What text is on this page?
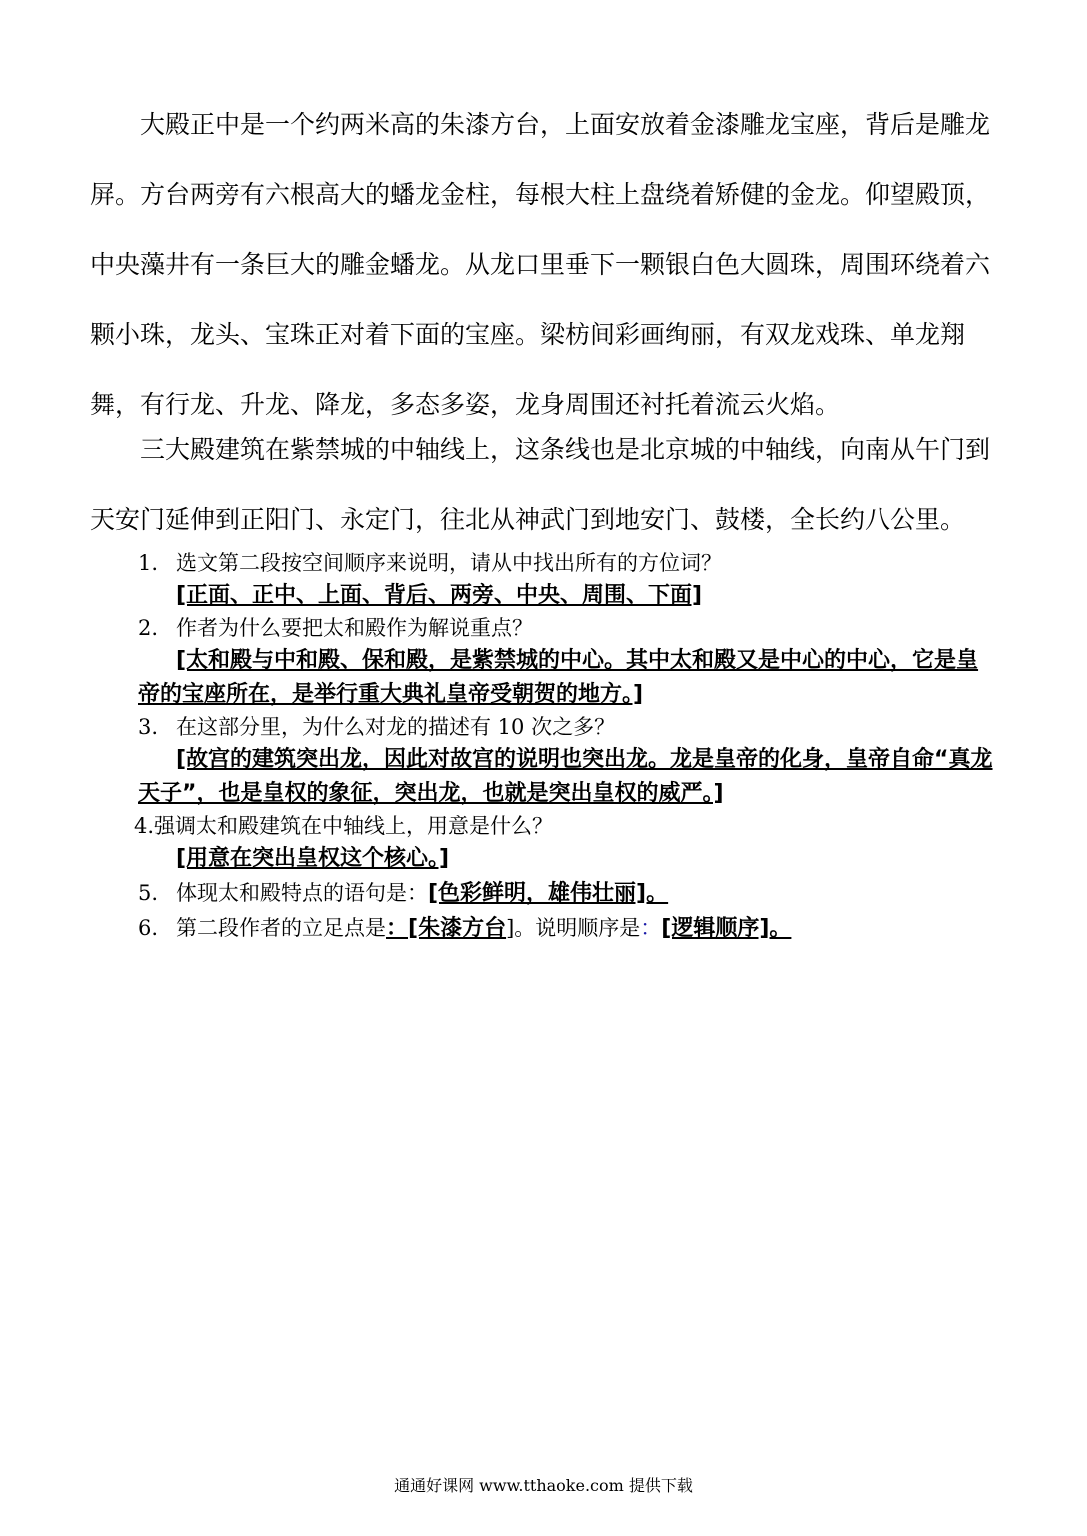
大殿正中是一个约两米高的朱漆方台，上面安放着金漆雕龙宝座，背后是雕龙屏。方台两旁有六根高大的蟠龙金柱，每根大柱上盘绕着矫健的金龙。仰望殿顶，中央藻井有一条巨大的雕金蟠龙。从龙口里垂下一颗银白色大圆珠，周围环绕着六颗小珠，龙头、宝珠正对着下面的宝座。梁枋间彩画绚丽，有双龙戏珠、单龙翔舞，有行龙、升龙、降龙，多态多姿，龙身周围还衬托着流云火焰。

三大殿建筑在紫禁城的中轴线上，这条线也是北京城的中轴线，向南从午门到天安门延伸到正阳门、永定门，往北从神武门到地安门、鼓楼，全长约八公里。

1. 选文第二段按空间顺序来说明，请从中找出所有的方位词？

[正面、正中、上面、背后、两旁、中央、周围、下面]

2. 作者为什么要把太和殿作为解说重点？

[太和殿与中和殿、保和殿，是紫禁城的中心。其中太和殿又是中心的中心，它是皇帝的宝座所在，是举行重大典礼皇帝受朝贺的地方。]

3. 在这部分里，为什么对龙的描述有 10 次之多？

[故宫的建筑突出龙，因此对故宫的说明也突出龙。龙是皇帝的化身，皇帝自命“真龙天子”，也是皇权的象征，突出龙，也就是突出皇权的威严。]

4.强调太和殿建筑在中轴线上，用意是什么？

[用意在突出皇权这个核心。]

5. 体现太和殿特点的语句是：[色彩鲜明，雄伟壮丽]。

6. 第二段作者的立足点是：[朱漆方台]。说明顺序是：[逻辑顺序]。

通通好课网 www.tthaoke.com 提供下载
